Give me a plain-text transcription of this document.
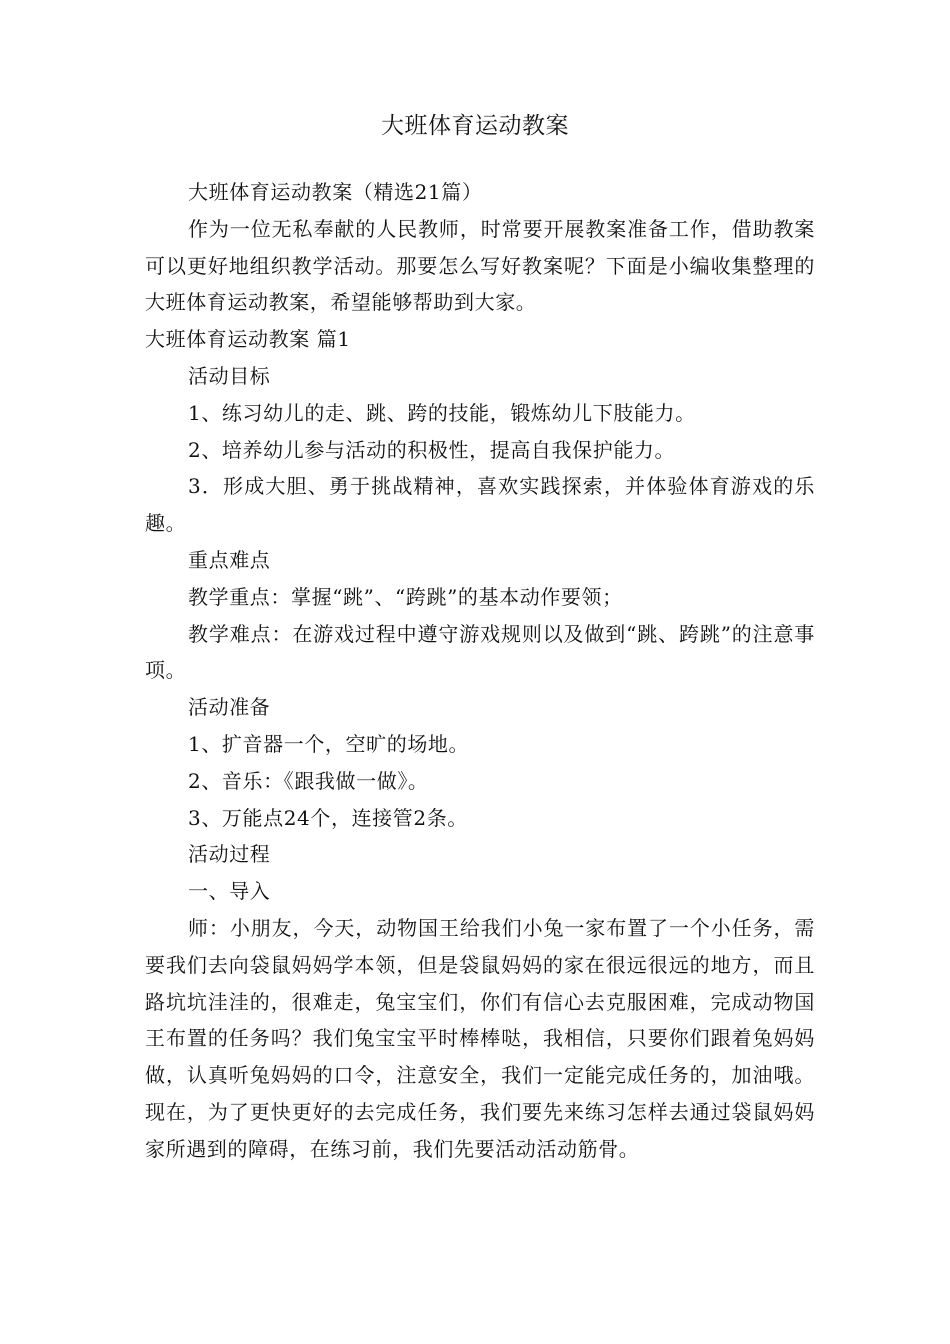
大班体育运动教案

大班体育运动教案（精选21篇）

作为一位无私奉献的人民教师，时常要开展教案准备工作，借助教案可以更好地组织教学活动。那要怎么写好教案呢？下面是小编收集整理的大班体育运动教案，希望能够帮助到大家。

大班体育运动教案 篇1

活动目标

1、练习幼儿的走、跳、跨的技能，锻炼幼儿下肢能力。

2、培养幼儿参与活动的积极性，提高自我保护能力。

3．形成大胆、勇于挑战精神，喜欢实践探索，并体验体育游戏的乐趣。

重点难点

教学重点：掌握“跳”、“跨跳”的基本动作要领；

教学难点：在游戏过程中遵守游戏规则以及做到“跳、跨跳”的注意事项。

活动准备

1、扩音器一个，空旷的场地。

2、音乐：《跟我做一做》。

3、万能点24个，连接管2条。

活动过程

一、导入

师：小朋友，今天，动物国王给我们小兔一家布置了一个小任务，需要我们去向袋鼠妈妈学本领，但是袋鼠妈妈的家在很远很远的地方，而且路坑坑洼洼的，很难走，兔宝宝们，你们有信心去克服困难，完成动物国王布置的任务吗？我们兔宝宝平时棒棒哒，我相信，只要你们跟着兔妈妈做，认真听兔妈妈的口令，注意安全，我们一定能完成任务的，加油哦。现在，为了更快更好的去完成任务，我们要先来练习怎样去通过袋鼠妈妈家所遇到的障碍，在练习前，我们先要活动活动筋骨。
